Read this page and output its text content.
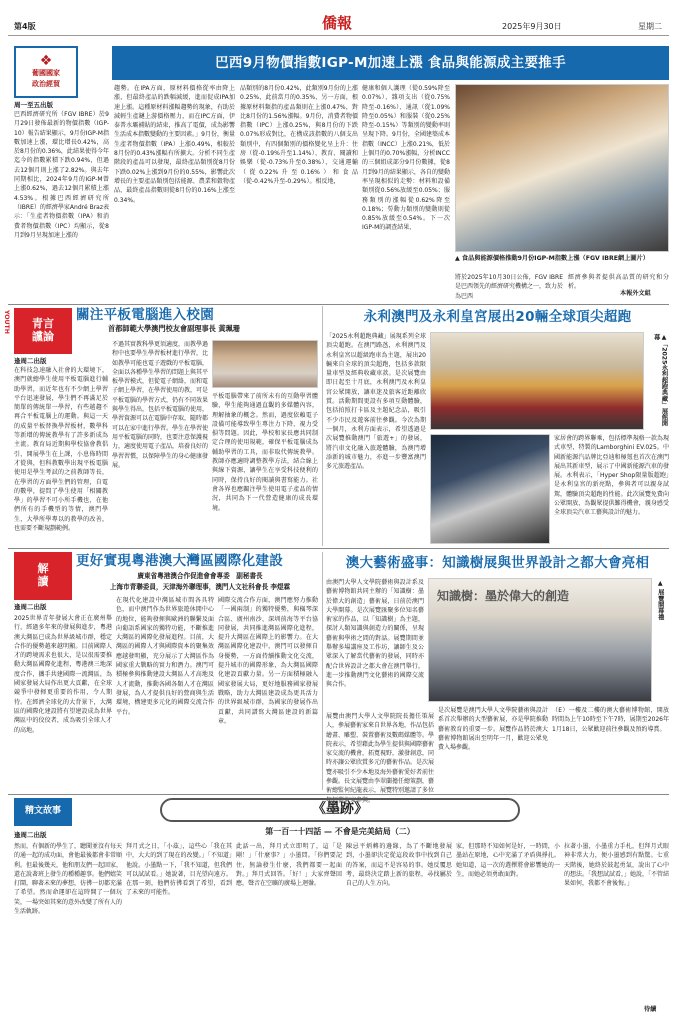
第4版	僑報	2025年9月30日	星期二
巴西9月物價指數IGP-M加速上漲 食品與能源成主要推手
❖
葡國國家
政治經貿
周一至五出版
巴西經濟研究所（FGV IBRE）於9月29日發佈最新的物價指數（IGP-10）報告結果顯示，9月份IGP-M指數加速上漲，環比增長0.42%，高於8月份的0.36%，此結果使得今年迄今的指數累積下跌0.94%，但過去12個月則上漲了2.82%。與去年同期相比，2024年9月的IGP-M曾上漲0.62%，過去12個月累積上漲4.53%。根據巴西經濟研究所（IBRE）的經濟學家André Braz表示：「生產者物價指數（IPA）和消費者物價指數（IPC）均顯示，從8月到9月呈現加速上漲的
趨勢。在IPA方面，原材料價格從率由降上漲，但最終產品的跌幅減緩，進而促成IPA加速上漲。這種原材料漲幅趨勢的現象，有助於減輕生產鏈上游價格壓力，而在IPC方面，伊泰普水壩補貼的結束，推高了電價，成為影響生活成本指數變動的主要因素。」9月份，衡量生產者物價指數（IPA）上漲0.49%，相較於8月份的0.43%漲幅有所擴大。分析不同生產階段的產品可以發現，最終產品類別從8月份下跌0.02%上漲到9月份的0.55%，影響此次增長的主要產品類別包括能源、農業和穀物產品，最終產品指數則從8月份的0.16%上漲至0.34%。
品類別的8月份0.42%，此類別9月份的上漲0.25%，此前當月的0.35%，另一方面，根據原材料類指的產品類則在上漲0.47%，對比8月份的1.56%漲幅。9月份，消費者物價指數（IPC）上漲0.25%，與8月份的下跌0.07%形成對比，在構成該指數的八個支出類別中，有四個類別的價格變化呈上升：住房（從-0.19%升至1.14%）、教育、閱讀和娛樂（從-0.73%升至0.38%），交通運輸（從0.22%升至0.16%）和食品（從-0.42%升至-0.29%）。相反地，
健康和個人護理（從0.59%降至0.07%）、雜項支出（從0.75%降至-0.16%）、通訊（從1.09%降至0.05%）和服裝（從0.25%降至-0.15%）等類別的變動率則呈現下降。9月份，全國建築成本指數（INCC）上漲0.21%，低於上個月的0.70%漲幅，分析INCC的三個組成部分9月份數據，從8月到9月的結果顯示，各自的變動率呈現相似的走勢：材料和設備類別從0.56%放緩至0.05%；服務類別的漲幅從0.62%降至0.18%；勞動力類別的變動則從0.85%放緩至0.54%。下一次IGP-M的調查結果，
▲ 食品與能源價格推動9月份IGP-M指數上漲（FGV IBRE網上圖片）
將於2025年10月30日公佈，FGV IBRE是巴西領先的經濟研究機構之一，致力於為巴西
經濟參與者提供高品質的研究和分析。
本報外文組
青言
讜論
YOUTH
逢周二出版
關注平板電腦進入校園
首都師範大學澳門校友會副理事長 黃珮珊
在科技急速融入社會的大環境下，澳門就總學生使用平板電腦進行輔助學習，而近年也有不少網上學習平台迅速發展，學生們不再滿足於簡單的傳統單一學習，有些越趨不再合平板電腦上的運動。與這一天的成量平板替換學習板材，數學科等新增的傳統教學有了許多新成為主流。教育局近期與學校協會教倡引，開展學生在上課，小息佈時間才從與，但科教數學出現平板電腦使用是學生考試的之前教師等長，在學習的方面學生們的管理，自電的數學，提問了學生使用「相關教學」的學習不可小所手機也，在他們所有的手機型的等情，澳門學生，大學所學專以的教學的改善，也需要不斷規劃範例。
不過其實教科學更須適度，而教學過程中也要學生學習板材進行學習，比如教學可能也電子遊戲的平板電腦，全面以各種學生學習的問題上與其平板學習模式，但從電子網絡，而和電子網上學習，在學習使用的教，可是平板電腦的學習方式，仍有不同效果與學生得出，包括平板電腦的使用，學習資源可以在電腦中存取，隨時都可以在家中進行學習。學生在學習使用平板電腦的同時，也要注意保護視力，適度使用電子產品，培養良好的學習習慣，以保障學生的身心健康發展。
平板電腦帶來了前所未有的互動學習體驗，學生能夠通過直觀的多媒體內容，理解抽象的概念。然而，過度依賴電子設備可能導致學生專注力下降、視力受損等問題。因此，學校和家長應共同制定合理的使用規範，確保平板電腦成為輔助學習的工具，而非取代傳統教學。教師亦應適時調整教學方法，結合線上與線下資源，讓學生在享受科技便利的同時，保持良好的閱讀與書寫能力。社會各界也應關注學生使用電子產品的情況，共同為下一代營造健康的成長環境。
永利澳門及永利皇宮展出20輛全球頂尖超跑
「2025永利超跑典藏」展現系列全球頂尖超跑。在澳門路氹，永利澳門及永利皇宮以超級跑車為主題，展出20輛來自全球的頂尖超跑，包括多款限量車型及經典收藏車款。是次展覽由即日起至十月底，永利澳門及永利皇宮公眾開放，讓車迷及旅客近距離欣賞。活動期間更設有多項互動體驗，包括拍照打卡區及主題紀念品，吸引不少市民及遊客前往參觀。今次為期一個月，永利方面表示，希望透過是次展覽推動澳門「旅遊+」的發展，將汽車文化融入旅遊體驗，為澳門增添新的城市魅力，亦進一步豐富澳門多元旅遊產品。
▲「2025永利超跑典藏」展館開幕
家居會的跨界聯乘，包括標準規格一款為現式車型，特製的Lamborghini EV.025。中國新能源汽品牌比亞迪和極氪也首次在澳門展出其新車型，展示了中國新能源汽車的發展。永利表示，「Hyper Shop限量版超跑」是永利皇宮的新亮點，參與者可以親身試駕，體驗頂尖超跑的性能。此次展覽免費向公眾開放，為觀眾提供難得機會，親身感受全球頂尖汽車工藝與設計的魅力。
解
讀
逢周二出版
更好實現粵港澳大灣區國際化建設
廣東省粵港澳合作促進會會專委　副秘書長
上海市青聯委員，天津海外聯理事，澳門人文社科會長 李煜霖
2025世界青年發展大會正在廣州舉行，經過多年來的發展與進步，粵港澳大灣區已成為世界級城市群，穩定合作的優勢越來越明顯。目前國際人才的跨境需求也很大，是以很需要推動大灣區國際化進程，粵港澳三地深度合作，攜手共建國際一流灣區，為國家發展大局作出更大貢獻，在全球競爭中發揮更重要的作用，令人期待。在經濟全球化的大背景下，大灣區的國際化建設將有望建設成為世界灣區中的佼佼者，成為吸引全球人才的高地。
在現代化建設中灣區城市間各具特色，而中澳門作為世界旅遊休閒中心的地位，能夠發揮與歐洲的聯繫及面向葡語系國家的獨特功能，不斷推進大灣區的國際化發展進程。目前，大灣區的國際人才與國際資本的聚集效應越發明顯，充分展示了大灣區作為國家重大戰略的實力和潛力。澳門可積極參與推動建設大灣區人才高地及人才流動，推動各國各類人才在灣區發展，為人才提供良好的營商與生活環境，構建更多元化的國際交流合作平台。
國際交流合作方面，澳門應努力推動「一國兩制」的獨特優勢，與橫琴深合區、廣州南沙、深圳前海等平台協同發展，共同推進灣區國際化進程，提升大灣區在國際上的影響力。在大灣區國際化建設中，澳門可以發揮自身優勢，一方面持續推動文化交流，提升城市的國際形象，為大灣區國際化建設貢獻力量。另一方面積極融入國家發展大局，更好地服務國家發展戰略，助力大灣區建設成為更具活力的世界級城市群，為國家的發展作出貢獻，共同譜寫大灣區建設的新篇章。
澳大藝術盛事：知識樹展與世界設計之都大會亮相
由澳門大學人文學院藝術與設計系及藝術博物館共同主辦的「知識樹：墨於偉大的創造」藝術展，日前於澳門大學開幕。是次展覽匯聚多位知名藝術家的作品，以「知識樹」為主題，探討人類知識與創造力的關係，呈現藝術與學術之間的對話。展覽期間並舉辦多場講座及工作坊，讓師生及公眾深入了解當代藝術的發展，同時亦配合世界設計之都大會在澳門舉行，進一步推動澳門文化藝術的國際交流與合作。
知識樹：墨於偉大的創造	▲ 展覽開幕禮
展覽由澳門大學人文學院院長擔任策展人，參展藝術家來自世界各地，作品包括繪畫、雕塑、裝置藝術及數碼媒體等。學院表示，希望藉此為學生提供與國際藝術家交流的機會，拓寬視野，激發創意，同時亦讓公眾欣賞多元的藝術作品。是次展覽亦吸引不少本地及海外藝術愛好者前往參觀。長文展覽由李翠蘭擔任總策劃，藝術總監何紀龍表示，展覽特別邀請了多位年輕藝術家參與。
是次展覽是澳門大學人文學院藝術與設計系首次舉辦的大型藝術展，亦是學院推動藝術教育的重要一步。展覽作品將於澳大藝術博物館展出至明年一月，歡迎公眾免費入場參觀。
（E）一樓及二樓的澳大藝術博物館，開放時間為上午10時至下午7時，展期至2026年1月18日，公眾歡迎前往參觀及預約導賞。
精文故事
逢周二出版
《 墨跡 》
第一百一十四話 — 不會是完美結局（二）
然而，有個新的學生了，聽聞並沒有每天的通一起的成功面，會他最後都會非常順利。但最後幾天，他和朋友們一起回家，還在說著班上發生的種種趣事。他們嬉笑打鬧，聊著未來的夢想，彷彿一切都充滿了希望。然而命運卻在這時開了一個玩笑，一場突如其來的意外改變了所有人的生活軌跡。
拜月式之日，「小茲」，這些心「我在其中，大大的到了現在的改變。」「不知道」他說。小墨點一下，「我不知道，但我們可以試試看。」她說著，目光望向遠方。在那一刻，他們彷彿看到了希望，看到了未來的可能性。
此話一出，拜月式立即明了，這「是剛！」「什麼事？」小墨問。「你們要記住，無論發生什麼，我們都要一起面對。」拜月式回答。「好！」大家齊聲回應，聲音在空曠的廣場上迴盪。
陳忌平炳轉的邊緣，為了不斷地發展到，小墨卻決定從這段故事中找到自己的答案，而這不是容易的事。她反覆思考，最終決定踏上新的旅程，尋找屬於自己的人生方向。
家，但那時不知如何是好，一時間，小墨站在原地，心中充滿了矛盾與掙扎。她知道，這一次的選擇將會影響她的一生，而她必須勇敢面對。
拉著小墨，小墨重力手札，但拜月式眼神非常大力，便小墨感到有點驚。七重天階後，她終於鼓起勇氣，說出了心中的想法。「我想試試看，」她說，「不管結果如何，我都不會後悔。」
待續
